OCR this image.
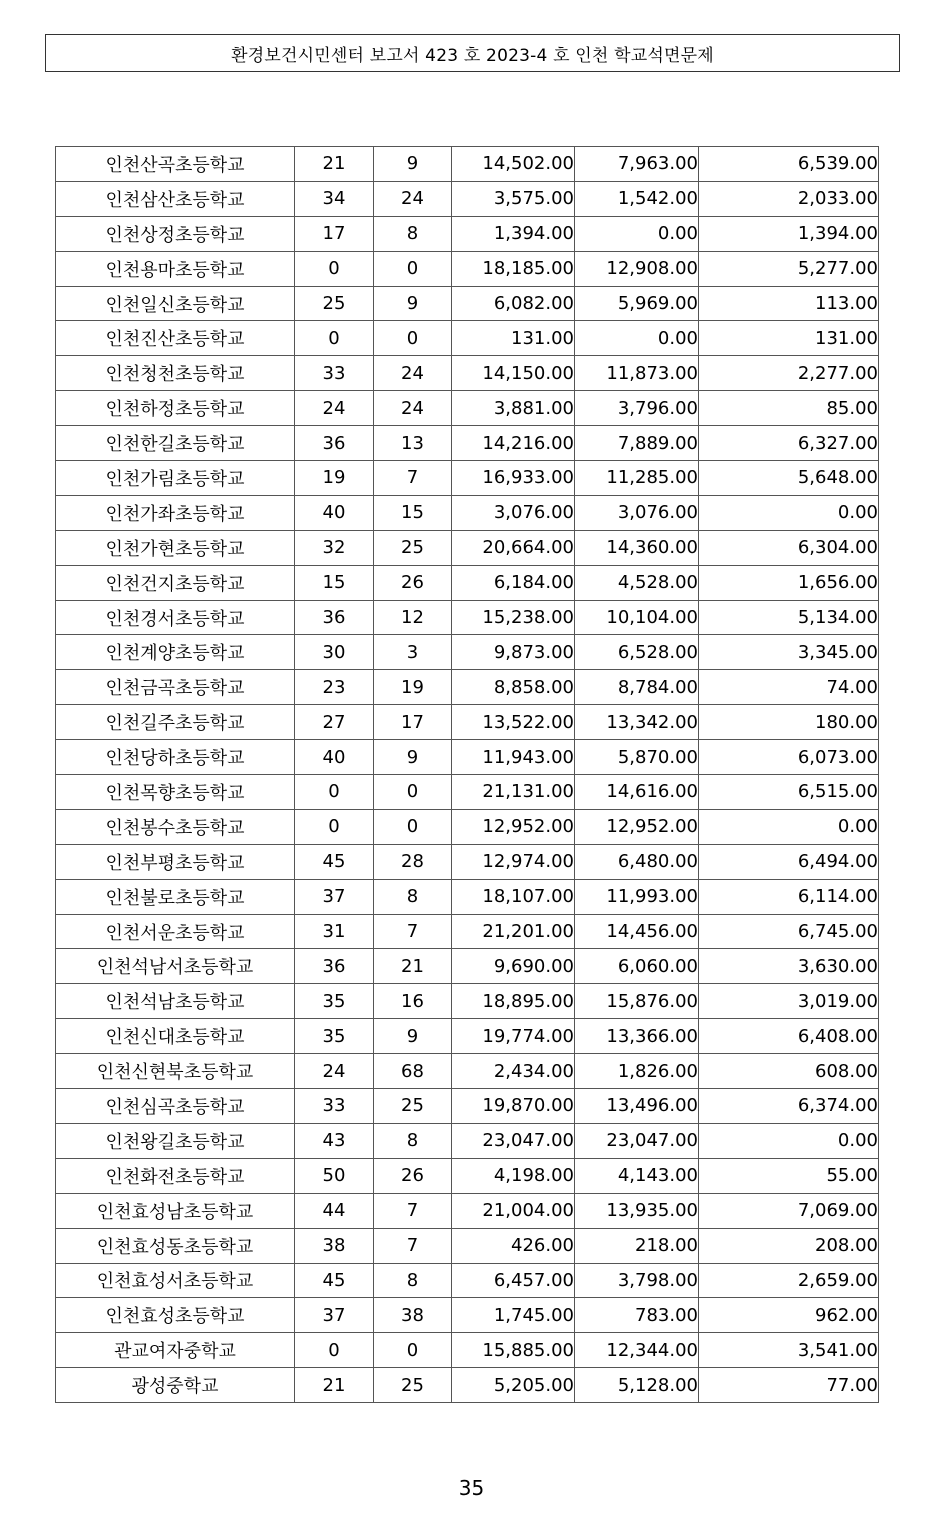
환경보건시민센터 보고서 423 호 2023-4 호 인천 학교석면문제
인천산곡초등학교	21	9	14,502.00	7,963.00	6,539.00
인천삼산초등학교	34	24	3,575.00	1,542.00	2,033.00
인천상정초등학교	17	8	1,394.00	0.00	1,394.00
인천용마초등학교	0	0	18,185.00	12,908.00	5,277.00
인천일신초등학교	25	9	6,082.00	5,969.00	113.00
인천진산초등학교	0	0	131.00	0.00	131.00
인천청천초등학교	33	24	14,150.00	11,873.00	2,277.00
인천하정초등학교	24	24	3,881.00	3,796.00	85.00
인천한길초등학교	36	13	14,216.00	7,889.00	6,327.00
인천가림초등학교	19	7	16,933.00	11,285.00	5,648.00
인천가좌초등학교	40	15	3,076.00	3,076.00	0.00
인천가현초등학교	32	25	20,664.00	14,360.00	6,304.00
인천건지초등학교	15	26	6,184.00	4,528.00	1,656.00
인천경서초등학교	36	12	15,238.00	10,104.00	5,134.00
인천계양초등학교	30	3	9,873.00	6,528.00	3,345.00
인천금곡초등학교	23	19	8,858.00	8,784.00	74.00
인천길주초등학교	27	17	13,522.00	13,342.00	180.00
인천당하초등학교	40	9	11,943.00	5,870.00	6,073.00
인천목향초등학교	0	0	21,131.00	14,616.00	6,515.00
인천봉수초등학교	0	0	12,952.00	12,952.00	0.00
인천부평초등학교	45	28	12,974.00	6,480.00	6,494.00
인천불로초등학교	37	8	18,107.00	11,993.00	6,114.00
인천서운초등학교	31	7	21,201.00	14,456.00	6,745.00
인천석남서초등학교	36	21	9,690.00	6,060.00	3,630.00
인천석남초등학교	35	16	18,895.00	15,876.00	3,019.00
인천신대초등학교	35	9	19,774.00	13,366.00	6,408.00
인천신현북초등학교	24	68	2,434.00	1,826.00	608.00
인천심곡초등학교	33	25	19,870.00	13,496.00	6,374.00
인천왕길초등학교	43	8	23,047.00	23,047.00	0.00
인천화전초등학교	50	26	4,198.00	4,143.00	55.00
인천효성남초등학교	44	7	21,004.00	13,935.00	7,069.00
인천효성동초등학교	38	7	426.00	218.00	208.00
인천효성서초등학교	45	8	6,457.00	3,798.00	2,659.00
인천효성초등학교	37	38	1,745.00	783.00	962.00
관교여자중학교	0	0	15,885.00	12,344.00	3,541.00
광성중학교	21	25	5,205.00	5,128.00	77.00
35
